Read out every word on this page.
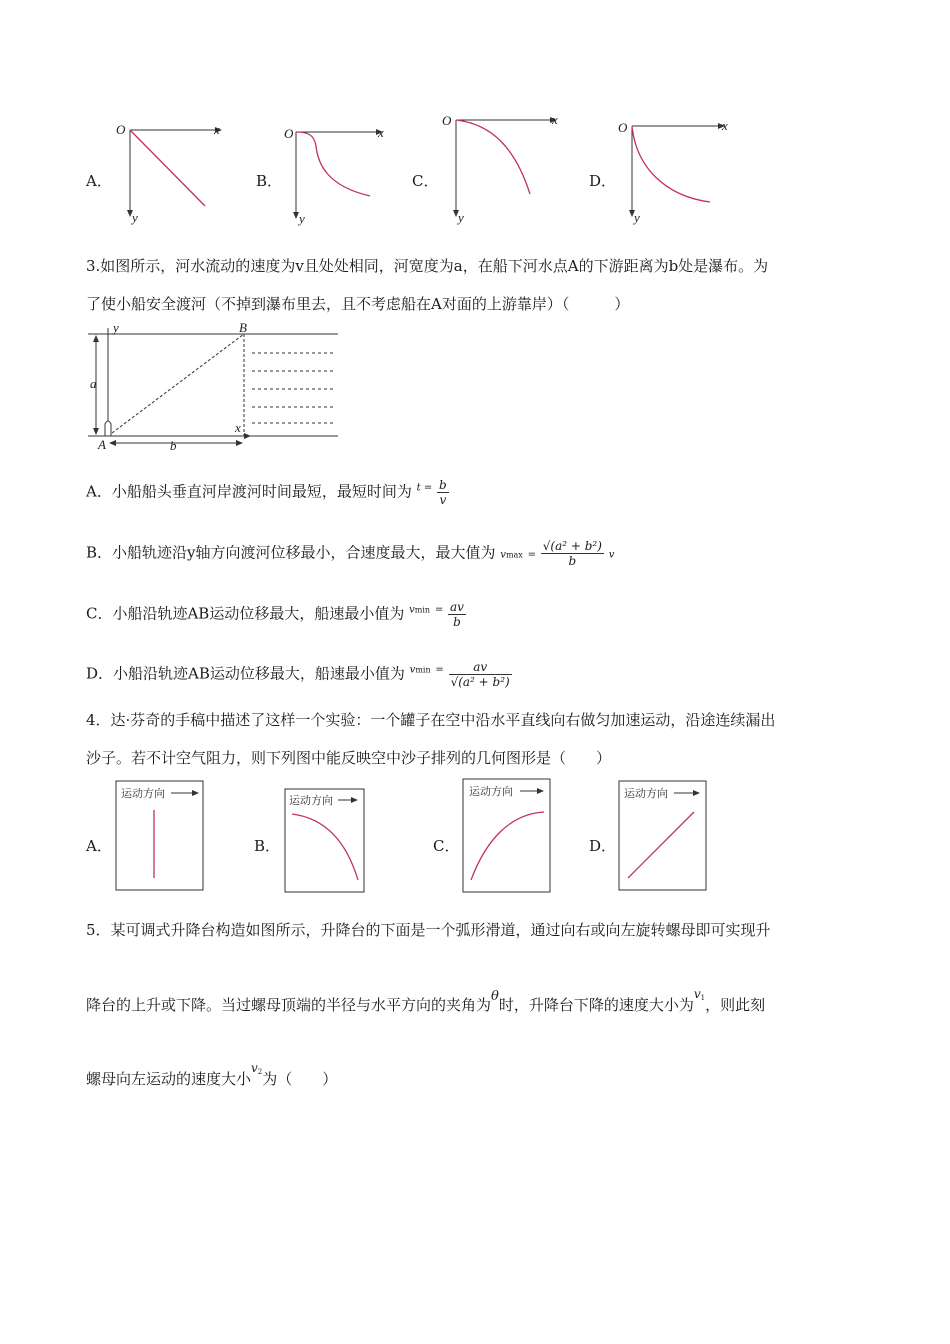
A．
O	x
y
B．
O	x
y
C．
O	x
y
D．
O	x
y
3.如图所示，河水流动的速度为v且处处相同，河宽度为a，在船下河水点A的下游距离为b处是瀑布。为
了使小船安全渡河（不掉到瀑布里去，且不考虑船在A对面的上游靠岸）（　　　）
y
a
B
x
A	b
A．小船船头垂直河岸渡河时间最短，最短时间为 $^{t =} \frac{b}{v}$
B．小船轨迹沿y轴方向渡河位移最小，合速度最大，最大值为 $vmax = \frac{\text{√(a² + b²)}}{b}$ v
C．小船沿轨迹AB运动位移最大，船速最小值为 $^{vmin}$ $^= \frac{av}{b}$
D．小船沿轨迹AB运动位移最大，船速最小值为 $^{vmin}$ $^= \frac{av}{\text{√(a² + b²)}}$
4．达·芬奇的手稿中描述了这样一个实验：一个罐子在空中沿水平直线向右做匀加速运动，沿途连续漏出
沙子。若不计空气阻力，则下列图中能反映空中沙子排列的几何图形是（　　）
A．
运动方向
B．
运动方向
C．
运动方向
D．
运动方向
5．某可调式升降台构造如图所示，升降台的下面是一个弧形滑道，通过向右或向左旋转螺母即可实现升
降台的上升或下降。当过螺母顶端的半径与水平方向的夹角为θ时，升降台下降的速度大小为$^{v1}$，则此刻
螺母向左运动的速度大小$^{v2}$为（　　）
